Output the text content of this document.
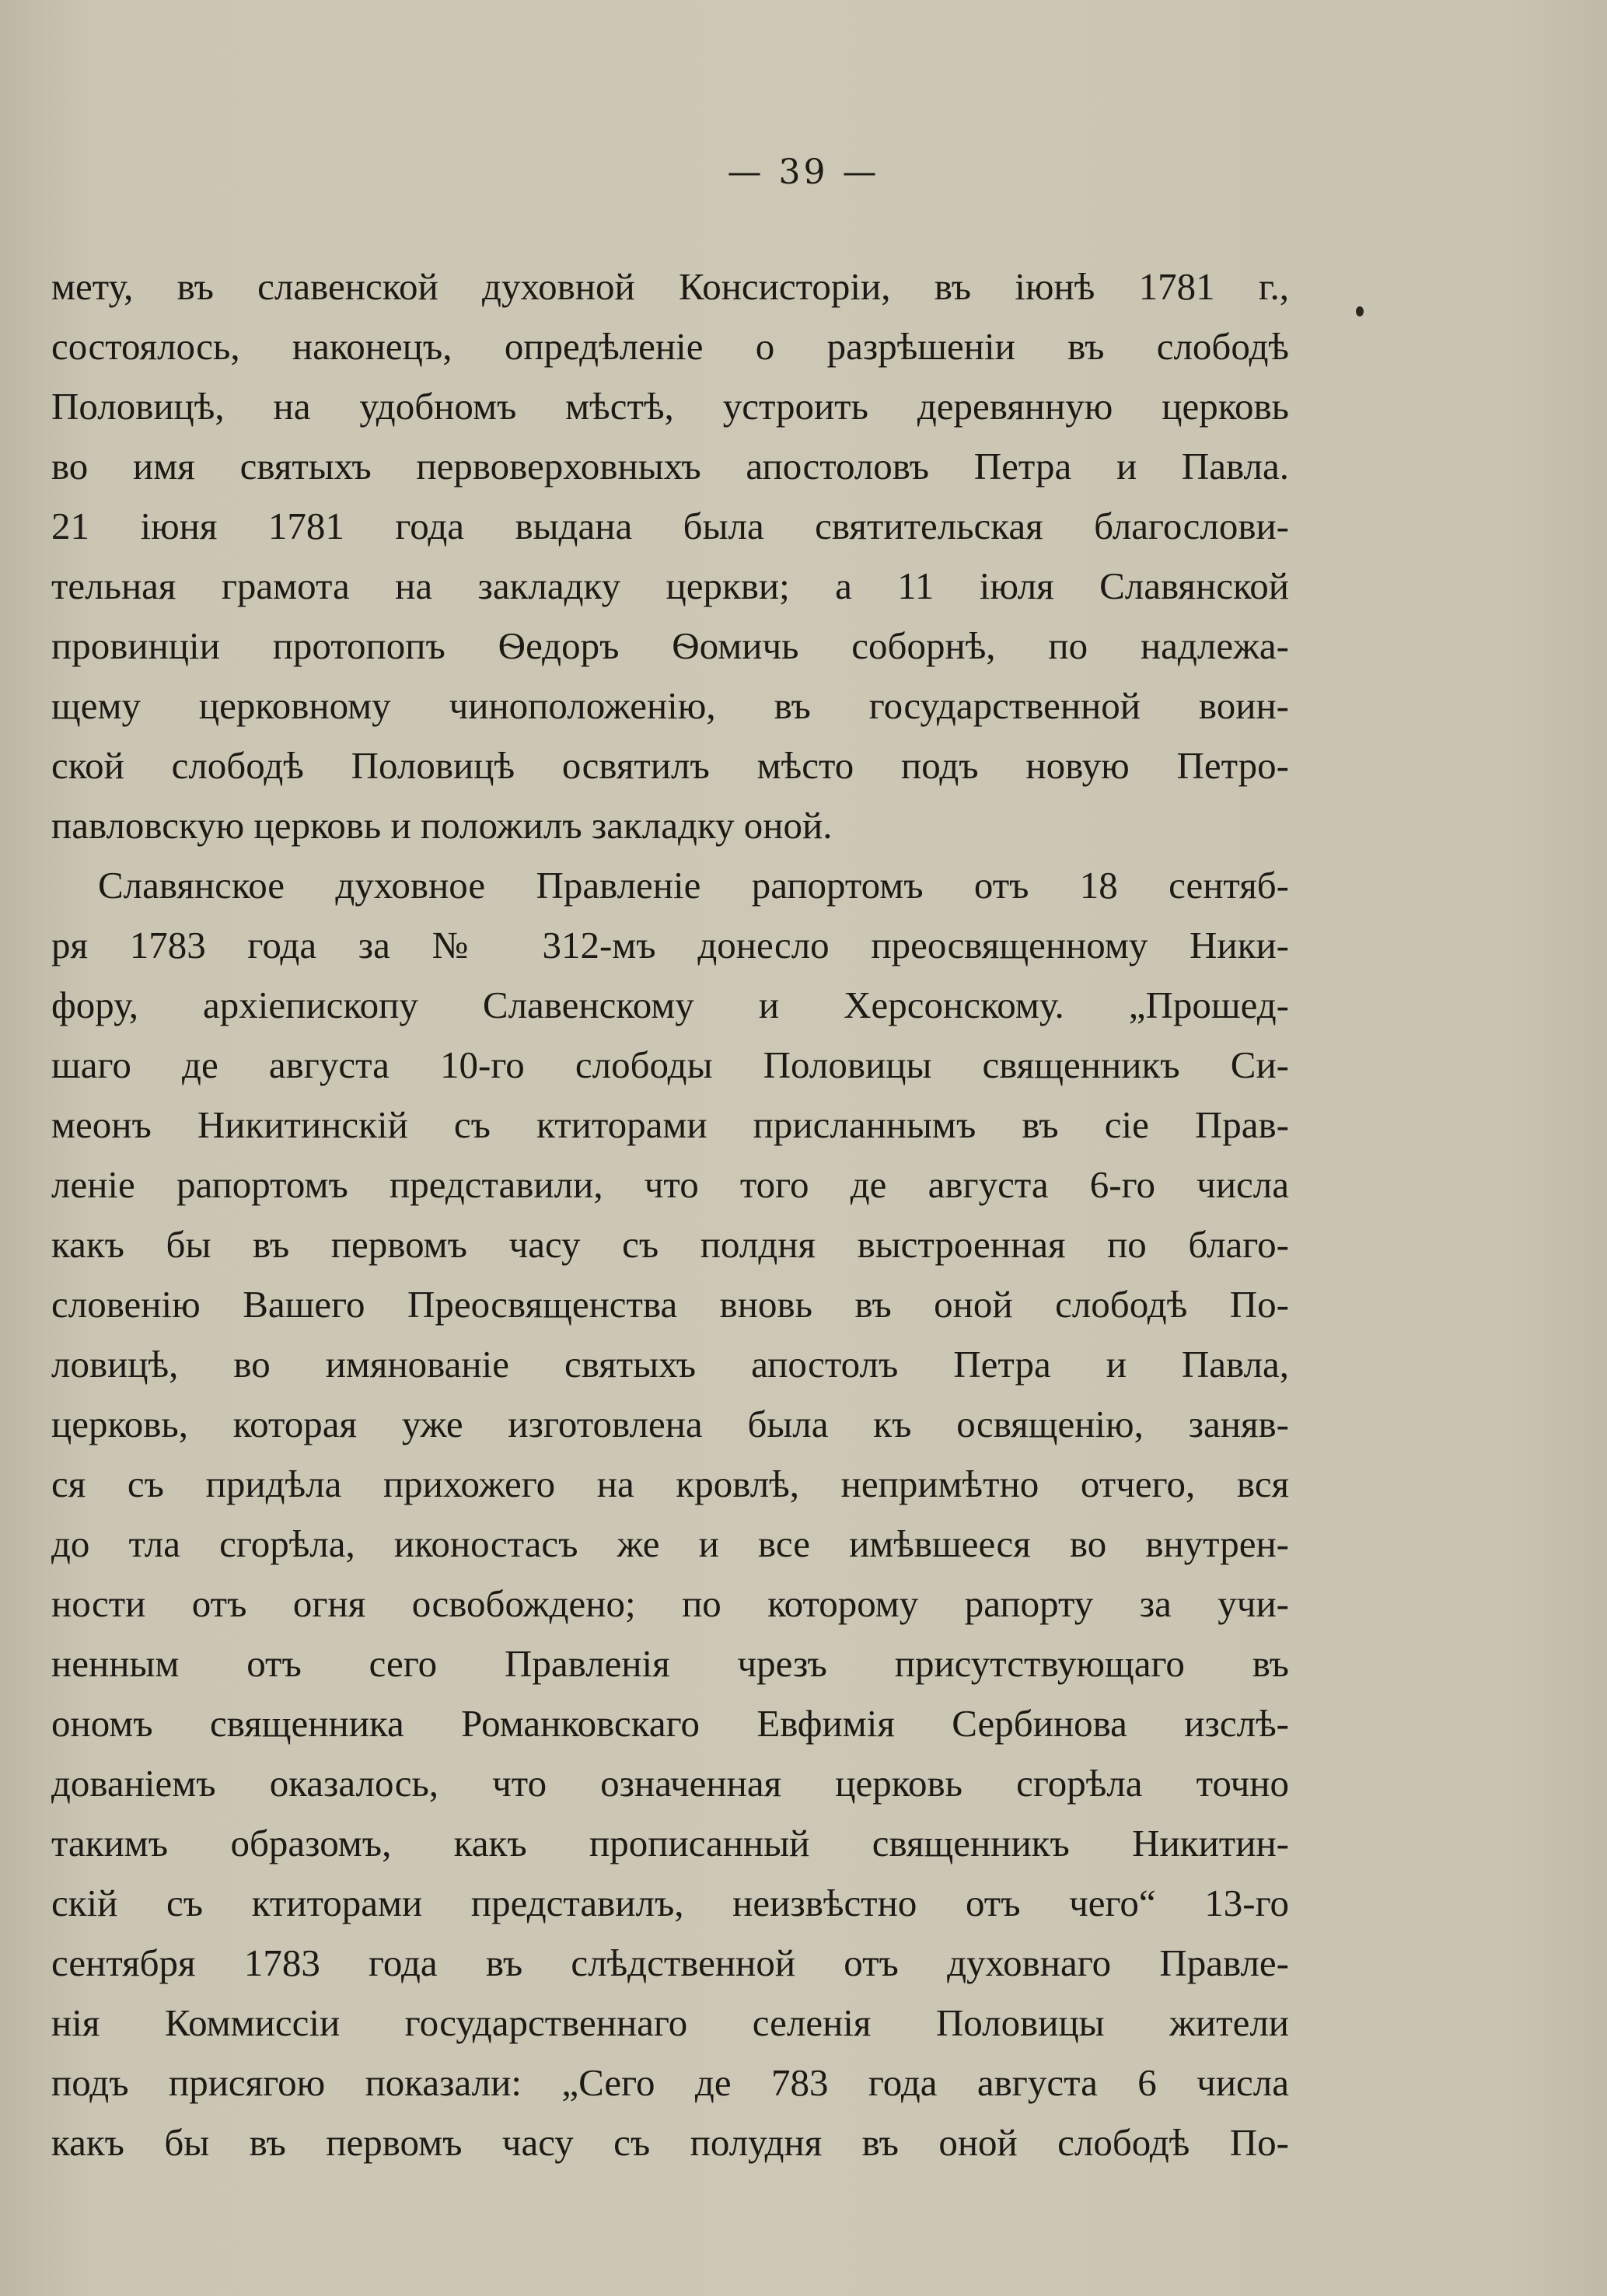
— 39 —
мету, въ славенской духовной Консисторіи, въ іюнѣ 1781 г.,
состоялось, наконецъ, опредѣленіе о разрѣшеніи въ слободѣ
Половицѣ, на удобномъ мѣстѣ, устроить деревянную церковь
во имя святыхъ первоверховныхъ апостоловъ Петра и Павла.
21 іюня 1781 года выдана была святительская благослови-
тельная грамота на закладку церкви; а 11 іюля Славянской
провинціи протопопъ Ѳедоръ Ѳомичь соборнѣ, по надлежа-
щему церковному чиноположенію, въ государственной воин-
ской слободѣ Половицѣ освятилъ мѣсто подъ новую Петро-
павловскую церковь и положилъ закладку оной.
Славянское духовное Правленіе рапортомъ отъ 18 сентяб-
ря 1783 года за № 312-мъ донесло преосвященному Ники-
фору, архіепископу Славенскому и Херсонскому. „Прошед-
шаго де августа 10-го слободы Половицы священникъ Си-
меонъ Никитинскій съ ктиторами присланнымъ въ сіе Прав-
леніе рапортомъ представили, что того де августа 6-го числа
какъ бы въ первомъ часу съ полдня выстроенная по благо-
словенію Вашего Преосвященства вновь въ оной слободѣ По-
ловицѣ, во имянованіе святыхъ апостолъ Петра и Павла,
церковь, которая уже изготовлена была къ освященію, заняв-
ся съ придѣла прихожего на кровлѣ, непримѣтно отчего, вся
до тла сгорѣла, иконостасъ же и все имѣвшееся во внутрен-
ности отъ огня освобождено; по которому рапорту за учи-
ненным отъ сего Правленія чрезъ присутствующаго въ
ономъ священника Романковскаго Евфимія Сербинова изслѣ-
дованіемъ оказалось, что означенная церковь сгорѣла точно
такимъ образомъ, какъ прописанный священникъ Никитин-
скій съ ктиторами представилъ, неизвѣстно отъ чего“ 13-го
сентября 1783 года въ слѣдственной отъ духовнаго Правле-
нія Коммиссіи государственнаго селенія Половицы жители
подъ присягою показали: „Сего де 783 года августа 6 числа
какъ бы въ первомъ часу съ полудня въ оной слободѣ По-
